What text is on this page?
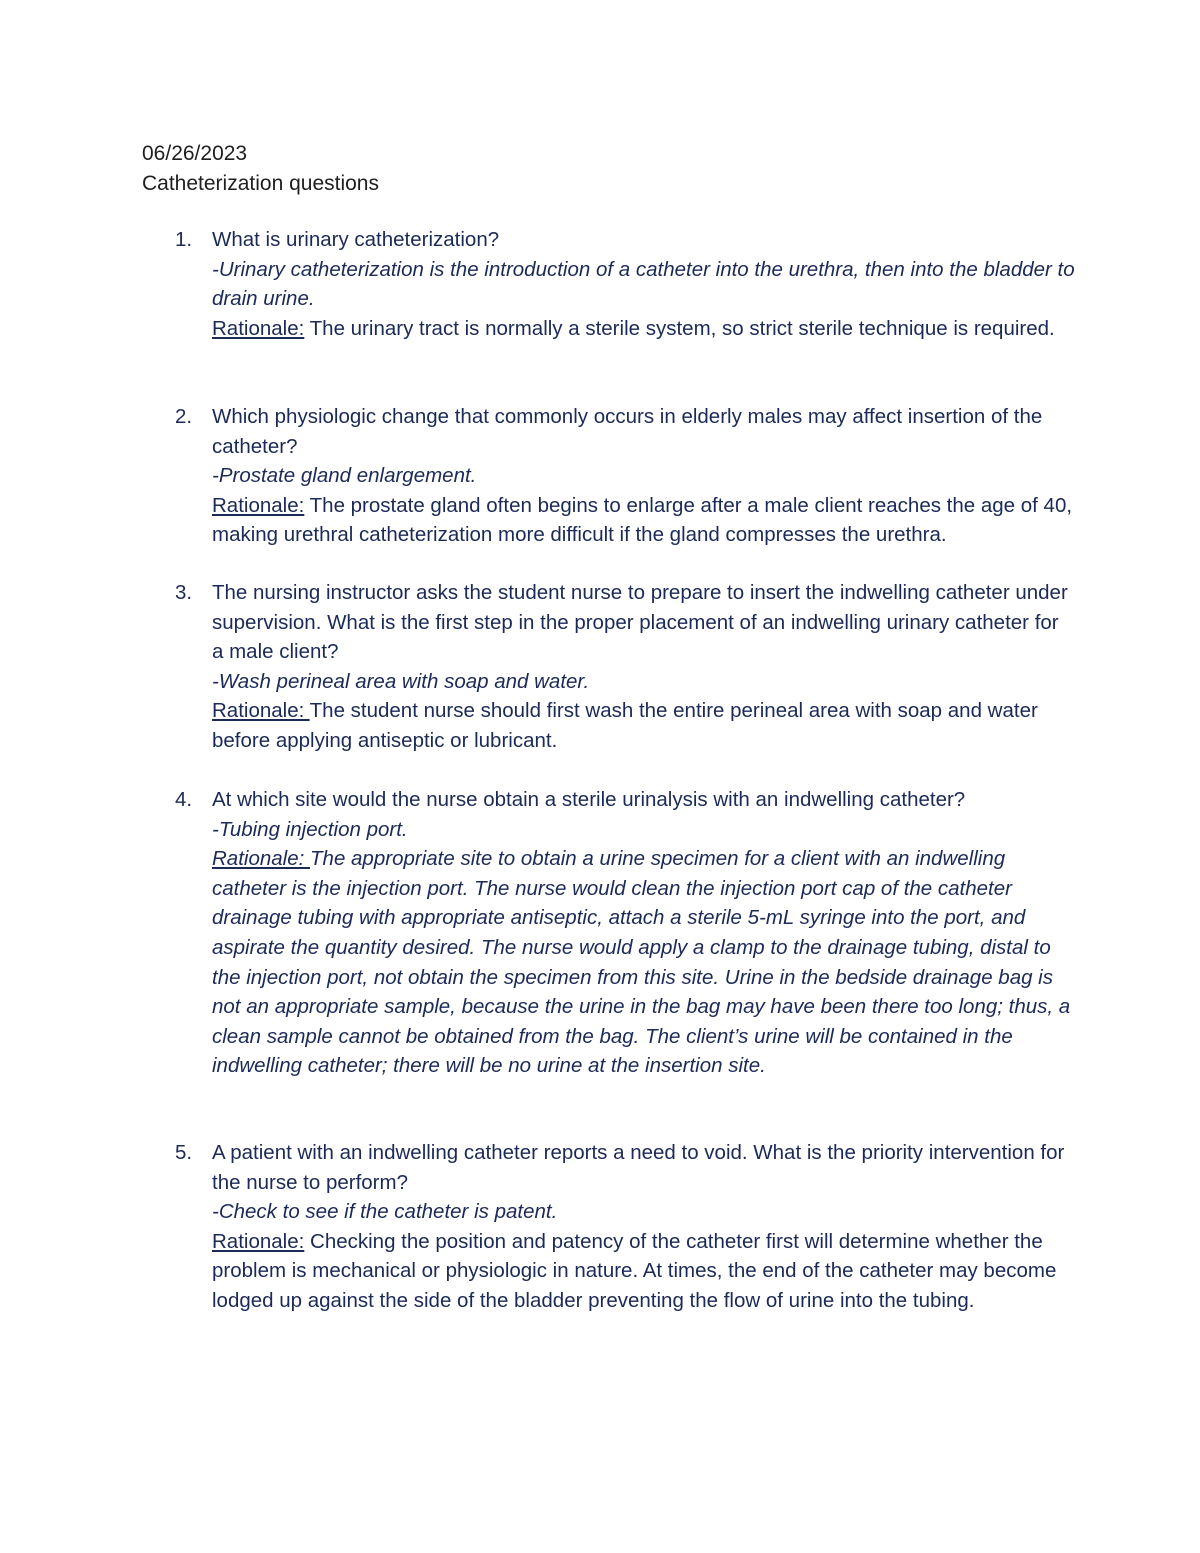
06/26/2023
Catheterization questions
1. What is urinary catheterization?
-Urinary catheterization is the introduction of a catheter into the urethra, then into the bladder to drain urine.
Rationale: The urinary tract is normally a sterile system, so strict sterile technique is required.
2. Which physiologic change that commonly occurs in elderly males may affect insertion of the catheter?
-Prostate gland enlargement.
Rationale: The prostate gland often begins to enlarge after a male client reaches the age of 40, making urethral catheterization more difficult if the gland compresses the urethra.
3. The nursing instructor asks the student nurse to prepare to insert the indwelling catheter under supervision. What is the first step in the proper placement of an indwelling urinary catheter for a male client?
-Wash perineal area with soap and water.
Rationale: The student nurse should first wash the entire perineal area with soap and water before applying antiseptic or lubricant.
4. At which site would the nurse obtain a sterile urinalysis with an indwelling catheter?
-Tubing injection port.
Rationale: The appropriate site to obtain a urine specimen for a client with an indwelling catheter is the injection port. The nurse would clean the injection port cap of the catheter drainage tubing with appropriate antiseptic, attach a sterile 5-mL syringe into the port, and aspirate the quantity desired. The nurse would apply a clamp to the drainage tubing, distal to the injection port, not obtain the specimen from this site. Urine in the bedside drainage bag is not an appropriate sample, because the urine in the bag may have been there too long; thus, a clean sample cannot be obtained from the bag. The client’s urine will be contained in the indwelling catheter; there will be no urine at the insertion site.
5. A patient with an indwelling catheter reports a need to void. What is the priority intervention for the nurse to perform?
-Check to see if the catheter is patent.
Rationale: Checking the position and patency of the catheter first will determine whether the problem is mechanical or physiologic in nature. At times, the end of the catheter may become lodged up against the side of the bladder preventing the flow of urine into the tubing.
